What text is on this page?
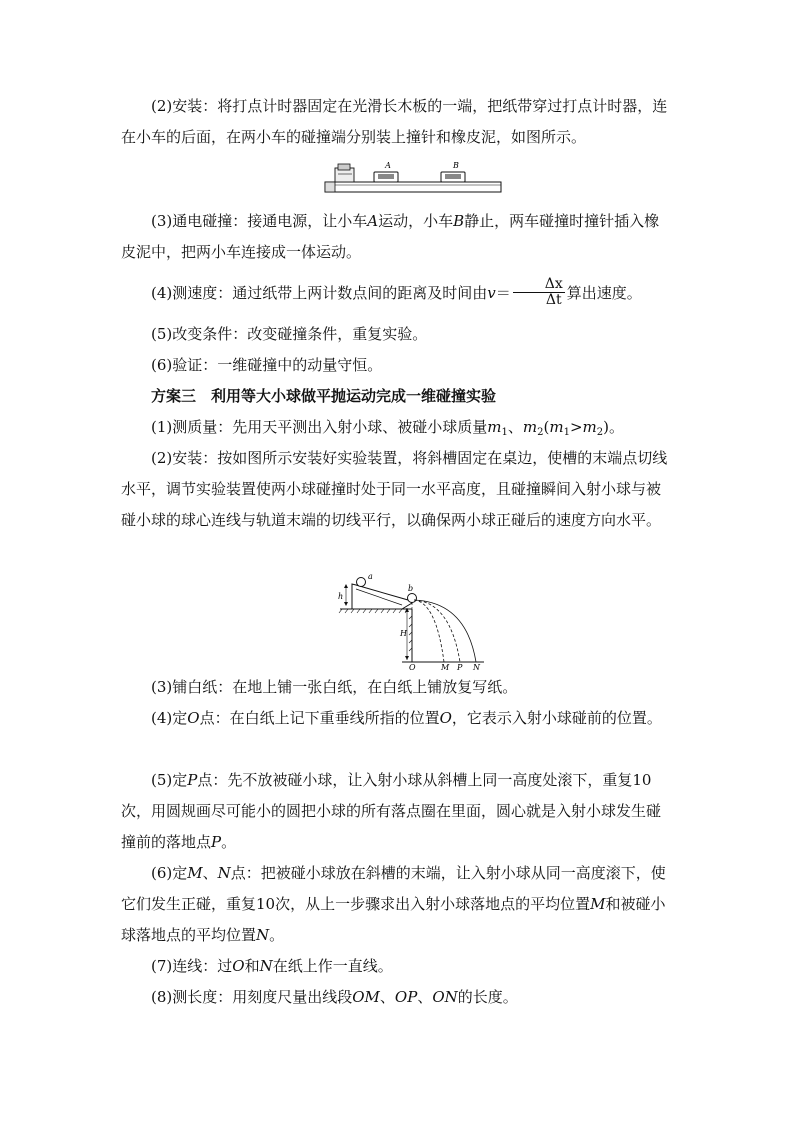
(2)安装：将打点计时器固定在光滑长木板的一端，把纸带穿过打点计时器，连在小车的后面，在两小车的碰撞端分别装上撞针和橡皮泥，如图所示。

A	B

(3)通电碰撞：接通电源，让小车A运动，小车B静止，两车碰撞时撞针插入橡皮泥中，把两小车连接成一体运动。

(4)测速度：通过纸带上两计数点间的距离及时间由$v= \frac{\Delta x}{\Delta t}$ 算出速度。

(5)改变条件：改变碰撞条件，重复实验。

(6)验证：一维碰撞中的动量守恒。

方案三　利用等大小球做平抛运动完成一维碰撞实验

(1)测质量：先用天平测出入射小球、被碰小球质量$m_1$、$m_2(m_1>m_2)$。

(2)安装：按如图所示安装好实验装置，将斜槽固定在桌边，使槽的末端点切线水平，调节实验装置使两小球碰撞时处于同一水平高度，且碰撞瞬间入射小球与被碰小球的球心连线与轨道末端的切线平行，以确保两小球正碰后的速度方向水平。

a
b
h
H
O	M P N

(3)铺白纸：在地上铺一张白纸，在白纸上铺放复写纸。

(4)定O点：在白纸上记下重垂线所指的位置O，它表示入射小球碰前的位置。

(5)定P点：先不放被碰小球，让入射小球从斜槽上同一高度处滚下，重复10次，用圆规画尽可能小的圆把小球的所有落点圈在里面，圆心就是入射小球发生碰撞前的落地点P。

(6)定M、N点：把被碰小球放在斜槽的末端，让入射小球从同一高度滚下，使它们发生正碰，重复10次，从上一步骤求出入射小球落地点的平均位置M和被碰小球落地点的平均位置N。

(7)连线：过O和N在纸上作一直线。

(8)测长度：用刻度尺量出线段OM、OP、ON的长度。
